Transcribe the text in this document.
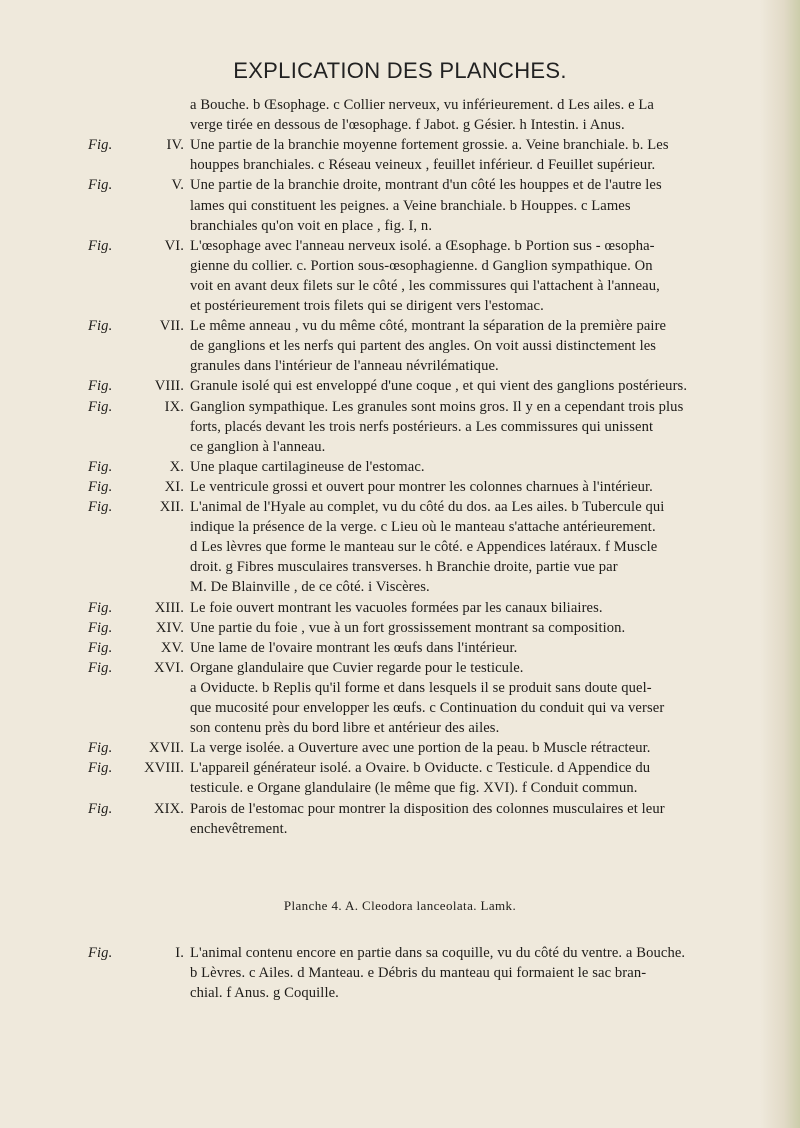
EXPLICATION DES PLANCHES.
a Bouche. b Œsophage. c Collier nerveux, vu inférieurement. d Les ailes. e La
verge tirée en dessous de l'œsophage. f Jabot. g Gésier. h Intestin. i Anus.
Fig.	IV. Une partie de la branchie moyenne fortement grossie. a. Veine branchiale. b. Les
houppes branchiales. c Réseau veineux , feuillet inférieur. d Feuillet supérieur.
Fig.	V. Une partie de la branchie droite, montrant d'un côté les houppes et de l'autre les
lames qui constituent les peignes. a Veine branchiale. b Houppes. c Lames
branchiales qu'on voit en place , fig. I, n.
Fig.	VI. L'œsophage avec l'anneau nerveux isolé. a Œsophage. b Portion sus - œsopha-
gienne du collier. c. Portion sous-œsophagienne. d Ganglion sympathique. On
voit en avant deux filets sur le côté , les commissures qui l'attachent à l'anneau,
et postérieurement trois filets qui se dirigent vers l'estomac.
Fig.	VII. Le même anneau , vu du même côté, montrant la séparation de la première paire
de ganglions et les nerfs qui partent des angles. On voit aussi distinctement les
granules dans l'intérieur de l'anneau névrilématique.
Fig.	VIII. Granule isolé qui est enveloppé d'une coque , et qui vient des ganglions postérieurs.
Fig.	IX. Ganglion sympathique. Les granules sont moins gros. Il y en a cependant trois plus
forts, placés devant les trois nerfs postérieurs. a Les commissures qui unissent
ce ganglion à l'anneau.
Fig.	X. Une plaque cartilagineuse de l'estomac.
Fig.	XI. Le ventricule grossi et ouvert pour montrer les colonnes charnues à l'intérieur.
Fig.	XII. L'animal de l'Hyale au complet, vu du côté du dos. aa Les ailes. b Tubercule qui
indique la présence de la verge. c Lieu où le manteau s'attache antérieurement.
d Les lèvres que forme le manteau sur le côté. e Appendices latéraux. f Muscle
droit. g Fibres musculaires transverses. h Branchie droite, partie vue par
M. De Blainville , de ce côté. i Viscères.
Fig.	XIII. Le foie ouvert montrant les vacuoles formées par les canaux biliaires.
Fig.	XIV. Une partie du foie , vue à un fort grossissement montrant sa composition.
Fig.	XV. Une lame de l'ovaire montrant les œufs dans l'intérieur.
Fig.	XVI. Organe glandulaire que Cuvier regarde pour le testicule.
a Oviducte. b Replis qu'il forme et dans lesquels il se produit sans doute quel-
que mucosité pour envelopper les œufs. c Continuation du conduit qui va verser
son contenu près du bord libre et antérieur des ailes.
Fig.	XVII. La verge isolée. a Ouverture avec une portion de la peau. b Muscle rétracteur.
Fig. XVIII. L'appareil générateur isolé. a Ovaire. b Oviducte. c Testicule. d Appendice du
testicule. e Organe glandulaire (le même que fig. XVI). f Conduit commun.
Fig.	XIX. Parois de l'estomac pour montrer la disposition des colonnes musculaires et leur
enchevêtrement.
Fig.	I. L'animal contenu encore en partie dans sa coquille, vu du côté du ventre. a Bouche.
b Lèvres. c Ailes. d Manteau. e Débris du manteau qui formaient le sac bran-
chial. f Anus. g Coquille.
Planche 4. A. Cleodora lanceolata. Lamk.
